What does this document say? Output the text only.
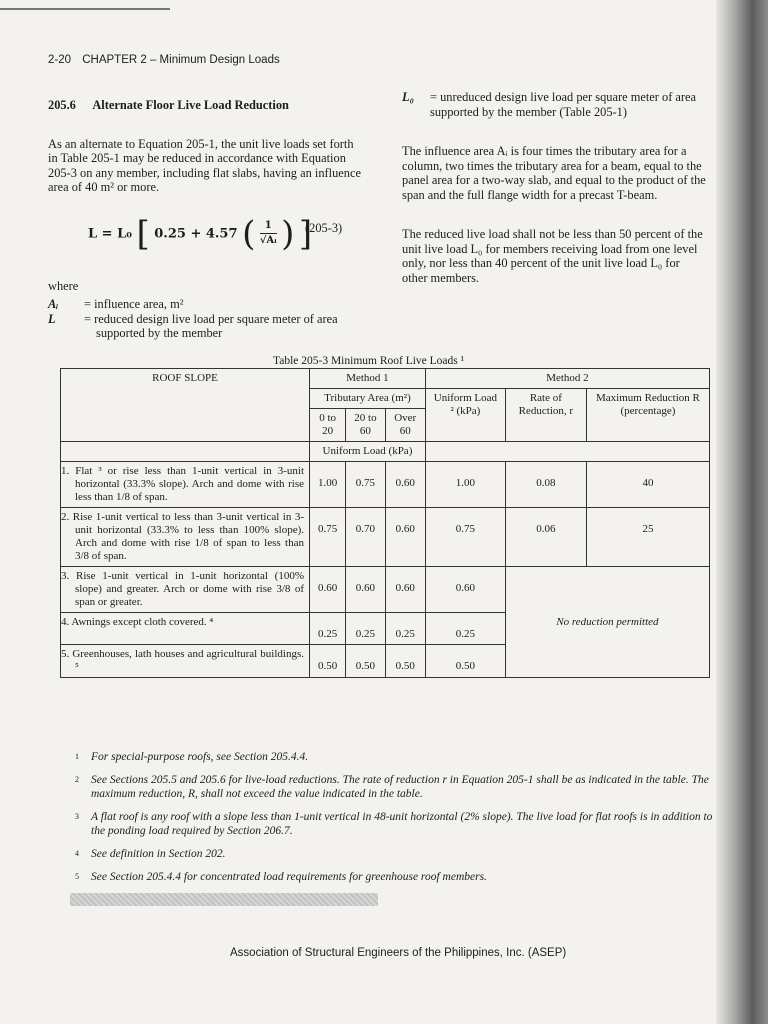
2-20 CHAPTER 2 – Minimum Design Loads
205.6 Alternate Floor Live Load Reduction

As an alternate to Equation 205-1, the unit live loads set forth in Table 205-1 may be reduced in accordance with Equation 205-3 on any member, including flat slabs, having an influence area of 40 m² or more.

L = L₀ [ 0.25 + 4.57 ( $\frac{1}{\text{√Aᵢ}}$ ) ]
(205-3)
where
Aᵢ	= influence area, m²
L	= reduced design live load per square meter of area supported by the member
L₀	= unreduced design live load per square meter of area supported by the member (Table 205-1)

The influence area Aᵢ is four times the tributary area for a column, two times the tributary area for a beam, equal to the panel area for a two-way slab, and equal to the product of the span and the full flange width for a precast T-beam.

The reduced live load shall not be less than 50 percent of the unit live load L₀ for members receiving load from one level only, nor less than 40 percent of the unit live load L₀ for other members.

Table 205-3 Minimum Roof Live Loads ¹
ROOF SLOPE	Method 1			Method 2		
	Tributary Area (m²)			Uniform Load ² (kPa)	Rate of Reduction, r	Maximum Reduction R (percentage)
	0 to 20	20 to 60	Over 60			
	Uniform Load (kPa)					
1. Flat ³ or rise less than 1-unit vertical in 3-unit horizontal (33.3% slope). Arch and dome with rise less than 1/8 of span.	1.00	0.75	0.60	1.00	0.08	40
2. Rise 1-unit vertical to less than 3-unit vertical in 3-unit horizontal (33.3% to less than 100% slope). Arch and dome with rise 1/8 of span to less than 3/8 of span.	0.75	0.70	0.60	0.75	0.06	25
3. Rise 1-unit vertical in 1-unit horizontal (100% slope) and greater. Arch or dome with rise 3/8 of span or greater.	0.60	0.60	0.60	0.60	No reduction permitted	
4. Awnings except cloth covered. ⁴	0.25	0.25	0.25	0.25		
5. Greenhouses, lath houses and agricultural buildings. ⁵	0.50	0.50	0.50	0.50		
1	For special-purpose roofs, see Section 205.4.4.
2	See Sections 205.5 and 205.6 for live-load reductions. The rate of reduction r in Equation 205-1 shall be as indicated in the table. The maximum reduction, R, shall not exceed the value indicated in the table.
3	A flat roof is any roof with a slope less than 1-unit vertical in 48-unit horizontal (2% slope). The live load for flat roofs is in addition to the ponding load required by Section 206.7.
4	See definition in Section 202.
5	See Section 205.4.4 for concentrated load requirements for greenhouse roof members.
Association of Structural Engineers of the Philippines, Inc. (ASEP)
